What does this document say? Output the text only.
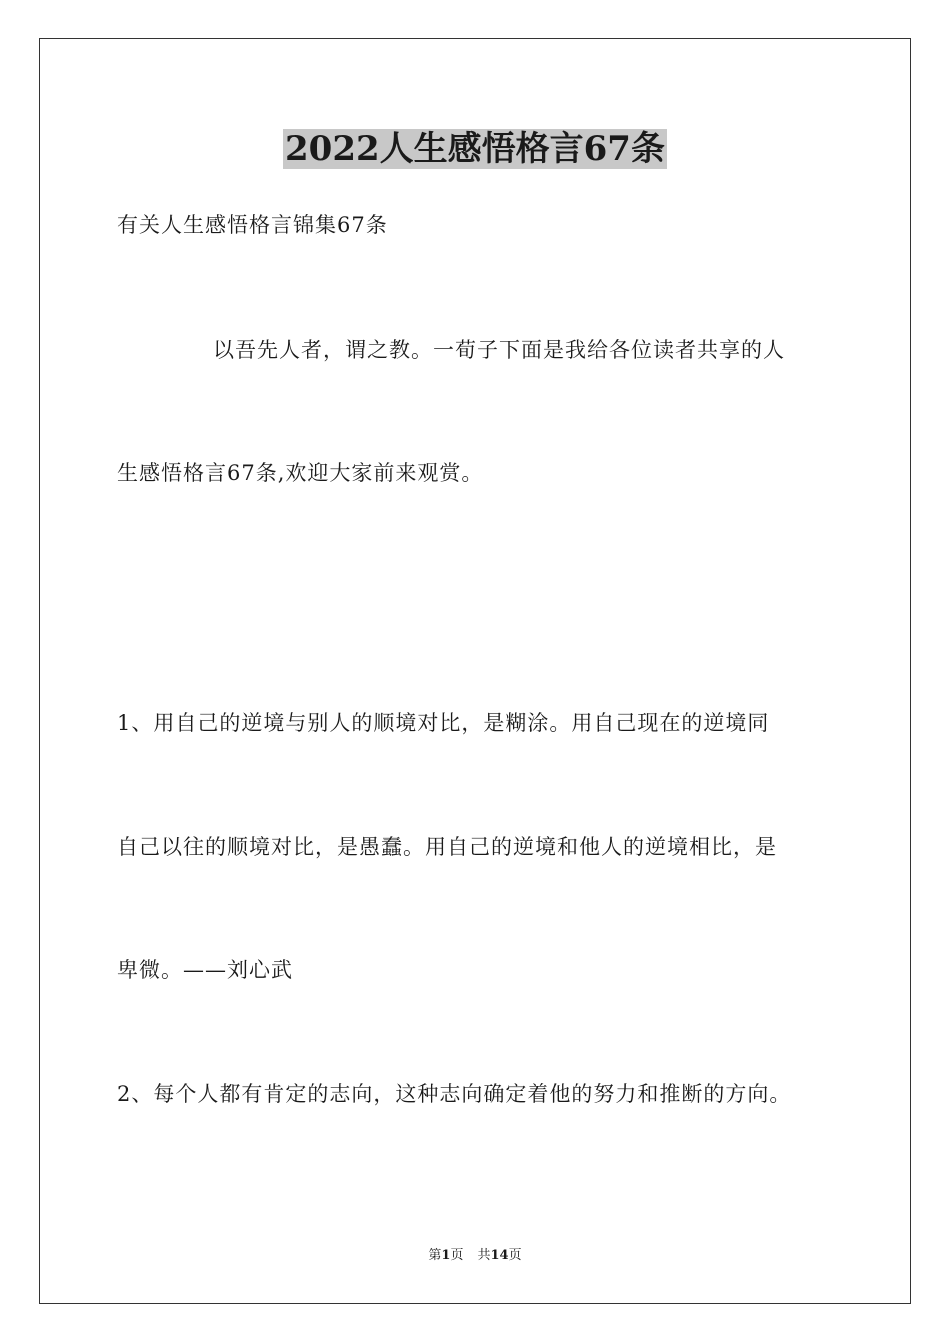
2022人生感悟格言67条

有关人生感悟格言锦集67条

以吾先人者，谓之教。一荀子下面是我给各位读者共享的人

生感悟格言67条,欢迎大家前来观赏。

1、用自己的逆境与别人的顺境对比，是糊涂。用自己现在的逆境同

自己以往的顺境对比，是愚蠢。用自己的逆境和他人的逆境相比，是

卑微。——刘心武

2、每个人都有肯定的志向，这种志向确定着他的努力和推断的方向。

第1页 共14页
